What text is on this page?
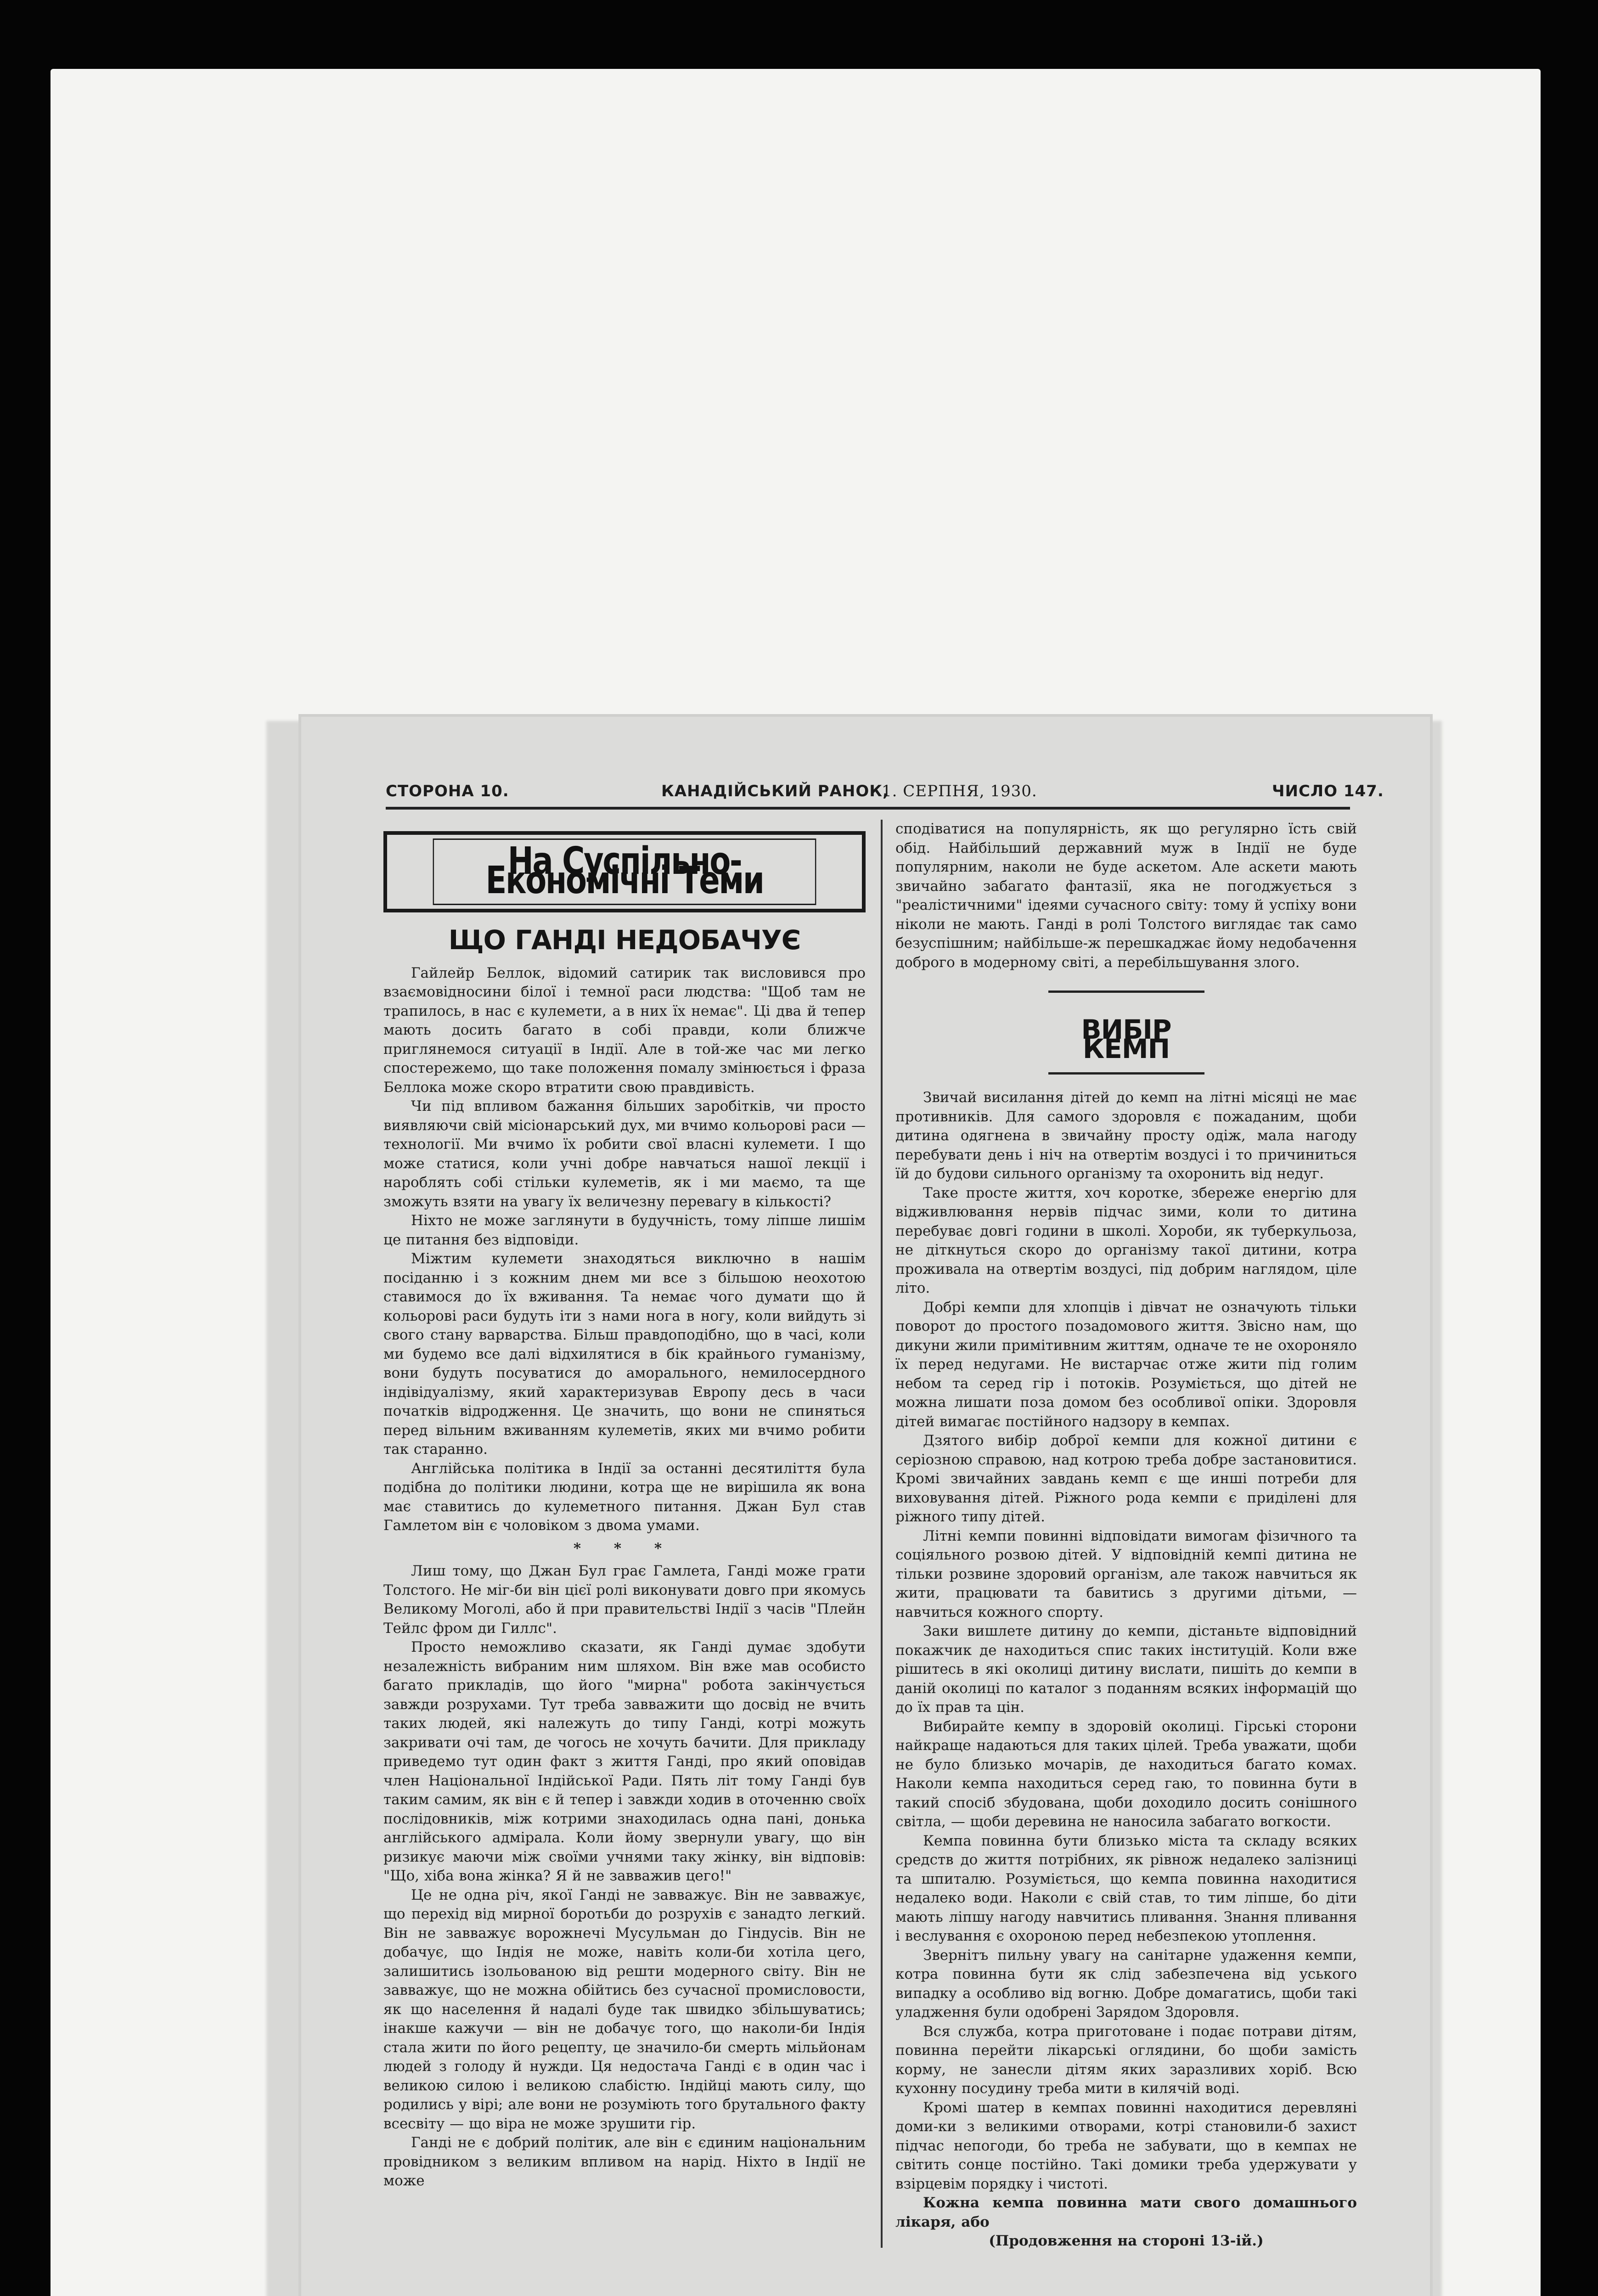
СТОРОНА 10.	КАНАДІЙСЬКИЙ РАНОК,
1. СЕРПНЯ, 1930.	ЧИСЛО 147.
На Суспільно-Економічні Теми
ЩО ГАНДІ НЕДОБАЧУЄ

Гайлейр Беллок, відомий сатирик так висловився про взаємовідносини білої і темної раси людства: "Щоб там не трапилось, в нас є кулемети, а в них їх немає". Ці два й тепер мають досить багато в собі правди, коли ближче приглянемося ситуації в Індії. Але в той-же час ми легко спостережемо, що таке положення помалу змінюється і фраза Беллока може скоро втратити свою правдивість.

Чи під впливом бажання більших заробітків, чи просто виявляючи свій місіонарський дух, ми вчимо кольорові раси — технології. Ми вчимо їх робити свої власні кулемети. І що може статися, коли учні добре навчаться нашої лекції і нароблять собі стільки кулеметів, як і ми маємо, та ще зможуть взяти на увагу їх величезну перевагу в кількості?

Ніхто не може заглянути в будучність, тому ліпше лишім це питання без відповіди.

Міжтим кулемети знаходяться виключно в нашім посіданню і з кожним днем ми все з більшою неохотою ставимося до їх вживання. Та немає чого думати що й кольорові раси будуть іти з нами нога в ногу, коли вийдуть зі свого стану варварства. Більш правдоподібно, що в часі, коли ми будемо все далі відхилятися в бік крайнього гуманізму, вони будуть посуватися до аморального, немилосердного індівідуалізму, який характеризував Европу десь в часи початків відродження. Це значить, що вони не спиняться перед вільним вживанням кулеметів, яких ми вчимо робити так старанно.

Англійська політика в Індії за останні десятиліття була подібна до політики людини, котра ще не вирішила як вона має ставитись до кулеметного питання. Джан Бул став Гамлетом він є чоловіком з двома умами.

* * *

Лиш тому, що Джан Бул грає Гамлета, Ганді може грати Толстого. Не міг-би він цієї ролі виконувати довго при якомусь Великому Моголі, або й при правительстві Індії з часів "Плейн Тейлс фром ди Гиллс".

Просто неможливо сказати, як Ганді думає здобути незалежність вибраним ним шляхом. Він вже мав особисто багато прикладів, що його "мирна" робота закінчується завжди розрухами. Тут треба завважити що досвід не вчить таких людей, які належуть до типу Ганді, котрі можуть закривати очі там, де чогось не хочуть бачити. Для прикладу приведемо тут один факт з життя Ганді, про який оповідав член Національної Індійської Ради. Пять літ тому Ганді був таким самим, як він є й тепер і завжди ходив в оточенню своїх послідовників, між котрими знаходилась одна пані, донька англійського адмірала. Коли йому звернули увагу, що він ризикує маючи між своїми учнями таку жінку, він відповів: "Що, хіба вона жінка? Я й не завважив цего!"

Це не одна річ, якої Ганді не завважує. Він не завважує, що перехід від мирної боротьби до розрухів є занадто легкий. Він не завважує ворожнечі Мусульман до Гіндусів. Він не добачує, що Індія не може, навіть коли-би хотіла цего, залишитись ізольованою від решти модерного світу. Він не завважує, що не можна обійтись без сучасної промисловости, як що населення й надалі буде так швидко збільшуватись; інакше кажучи — він не добачує того, що наколи-би Індія стала жити по його рецепту, це значило-би смерть мільйонам людей з голоду й нужди. Ця недостача Ганді є в один час і великою силою і великою слабістю. Індійці мають силу, що родились у вірі; але вони не розуміють того брутального факту всесвіту — що віра не може зрушити гір.

Ганді не є добрий політик, але він є єдиним національним провідником з великим впливом на нарід. Ніхто в Індії не може

сподіватися на популярність, як що регулярно їсть свій обід. Найбільший державний муж в Індії не буде популярним, наколи не буде аскетом. Але аскети мають звичайно забагато фантазії, яка не погоджується з "реалістичними" ідеями сучасного світу: тому й успіху вони ніколи не мають. Ганді в ролі Толстого виглядає так само безуспішним; найбільше-ж перешкаджає йому недобачення доброго в модерному світі, а перебільшування злого.

ВИБІР КЕМП

Звичай висилання дітей до кемп на літні місяці не має противників. Для самого здоровля є пожаданим, щоби дитина одягнена в звичайну просту одіж, мала нагоду перебувати день і ніч на отвертім воздусі і то причиниться їй до будови сильного організму та охоронить від недуг.

Таке просте життя, хоч коротке, збереже енергію для відживлювання нервів підчас зими, коли то дитина перебуває довгі години в школі. Хороби, як туберкульоза, не діткнуться скоро до організму такої дитини, котра проживала на отвертім воздусі, під добрим наглядом, ціле літо.

Добрі кемпи для хлопців і дівчат не означують тільки поворот до простого позадомового життя. Звісно нам, що дикуни жили примітивним життям, одначе те не охороняло їх перед недугами. Не вистарчає отже жити під голим небом та серед гір і потоків. Розуміється, що дітей не можна лишати поза домом без особливої опіки. Здоровля дітей вимагає постійного надзору в кемпах.

Дзятого вибір доброї кемпи для кожної дитини є серіозною справою, над котрою треба добре застановитися. Кромі звичайних завдань кемп є ще инші потреби для виховування дітей. Ріжного рода кемпи є приділені для ріжного типу дітей.

Літні кемпи повинні відповідати вимогам фізичного та соціяльного розвою дітей. У відповідній кемпі дитина не тільки розвине здоровий організм, але також навчиться як жити, працювати та бавитись з другими дітьми, — навчиться кожного спорту.

Заки вишлете дитину до кемпи, дістаньте відповідний покажчик де находиться спис таких інституцій. Коли вже рішитесь в які околиці дитину вислати, пишіть до кемпи в даній околиці по каталог з поданням всяких інформацій що до їх прав та цін.

Вибирайте кемпу в здоровій околиці. Гірські сторони найкраще надаються для таких цілей. Треба уважати, щоби не було близько мочарів, де находиться багато комах. Наколи кемпа находиться серед гаю, то повинна бути в такий спосіб збудована, щоби доходило досить сонішного світла, — щоби деревина не наносила забагато вогкости.

Кемпа повинна бути близько міста та складу всяких средств до життя потрібних, як рівнож недалеко залізниці та шпиталю. Розуміється, що кемпа повинна находитися недалеко води. Наколи є свій став, то тим ліпше, бо діти мають ліпшу нагоду навчитись пливання. Знання пливання і веслування є охороною перед небезпекою утоплення.

Звернітъ пильну увагу на санітарне удаження кемпи, котра повинна бути як слід забезпечена від уського випадку а особливо від вогню. Добре домагатись, щоби такі уладження були одобрені Зарядом Здоровля.

Вся служба, котра приготоване і подає потрави дітям, повинна перейти лікарські оглядини, бо щоби замість корму, не занесли дітям яких заразливих хоріб. Всю кухонну посудину треба мити в килячій воді.

Кромі шатер в кемпах повинні находитися деревляні доми-ки з великими отворами, котрі становили-б захист підчас непогоди, бо треба не забувати, що в кемпах не світить сонце постійно. Такі домики треба удержувати у взірцевім порядку і чистоті.

Кожна кемпа повинна мати свого домашнього лікаря, або

(Продовження на стороні 13-ій.)
